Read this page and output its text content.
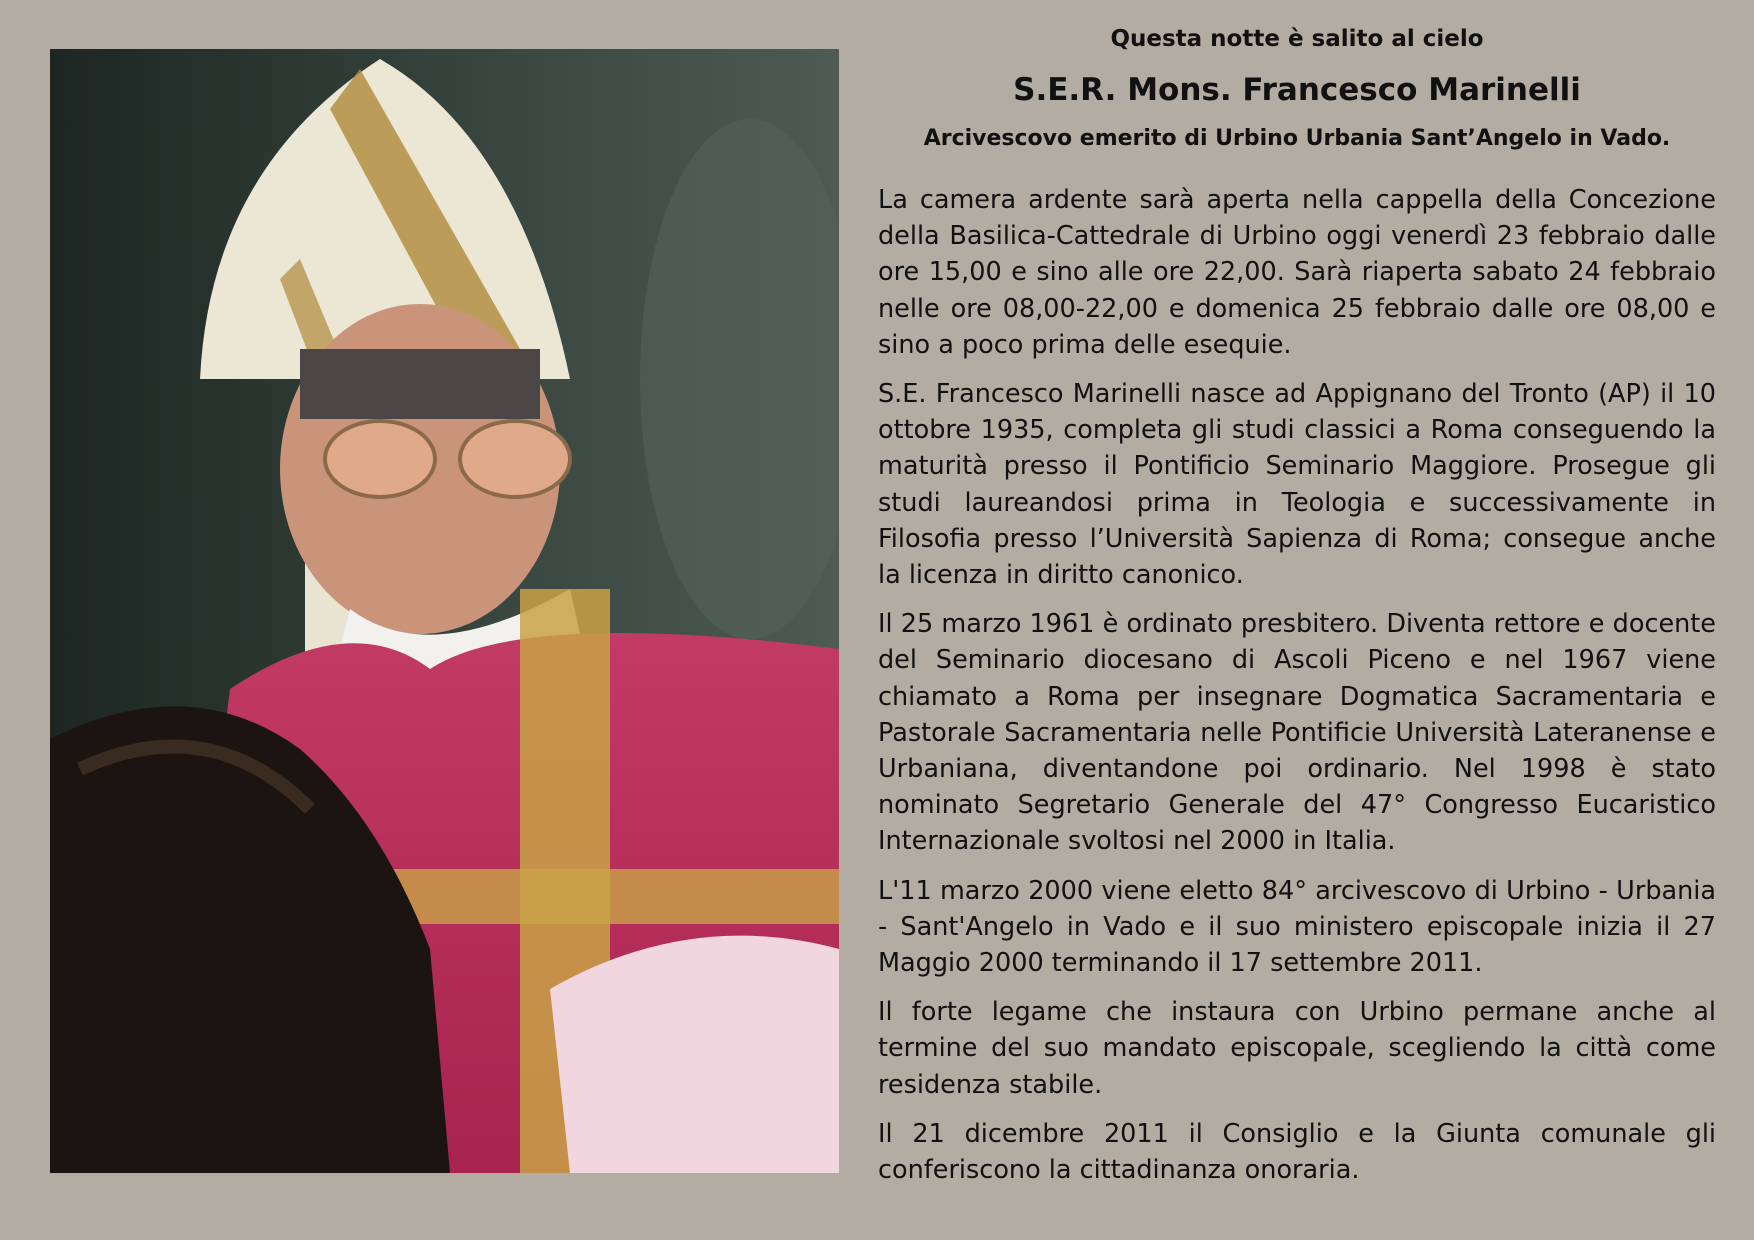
Questa notte è salito al cielo
S.E.R. Mons. Francesco Marinelli
Arcivescovo emerito di Urbino Urbania Sant’Angelo in Vado.

La camera ardente sarà aperta nella cappella della Concezione della Basilica-Cattedrale di Urbino oggi venerdì 23 febbraio dalle ore 15,00 e sino alle ore 22,00. Sarà riaperta sabato 24 febbraio nelle ore 08,00-22,00 e domenica 25 febbraio dalle ore 08,00 e sino a poco prima delle esequie.

S.E. Francesco Marinelli nasce ad Appignano del Tronto (AP) il 10 ottobre 1935, completa gli studi classici a Roma conseguendo la maturità presso il Pontificio Seminario Maggiore. Prosegue gli studi laureandosi prima in Teologia e successivamente in Filosofia presso l’Università Sapienza di Roma; consegue anche la licenza in diritto canonico.

Il 25 marzo 1961 è ordinato presbitero. Diventa rettore e docente del Seminario diocesano di Ascoli Piceno e nel 1967 viene chiamato a Roma per insegnare Dogmatica Sacramentaria e Pastorale Sacramentaria nelle Pontificie Università Lateranense e Urbaniana, diventandone poi ordinario. Nel 1998 è stato nominato Segretario Generale del 47° Congresso Eucaristico Internazionale svoltosi nel 2000 in Italia.

L'11 marzo 2000 viene eletto 84° arcivescovo di Urbino - Urbania - Sant'Angelo in Vado e il suo ministero episcopale inizia il 27 Maggio 2000 terminando il 17 settembre 2011.

Il forte legame che instaura con Urbino permane anche al termine del suo mandato episcopale, scegliendo la città come residenza stabile.

Il 21 dicembre 2011 il Consiglio e la Giunta comunale gli conferiscono la cittadinanza onoraria.
